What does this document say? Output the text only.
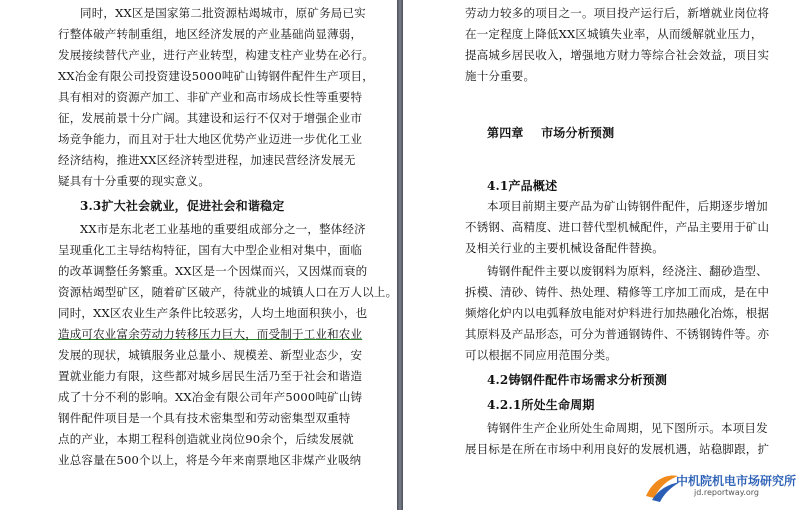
同时，XX区是国家第二批资源枯竭城市，原矿务局已实
行整体破产转制重组，地区经济发展的产业基础尚显薄弱，
发展接续替代产业，进行产业转型，构建支柱产业势在必行。
XX冶金有限公司投资建设5000吨矿山铸钢件配件生产项目，
具有相对的资源产加工、非矿产业和高市场成长性等重要特
征，发展前景十分广阔。其建设和运行不仅对于增强企业市
场竞争能力，而且对于壮大地区优势产业迈进一步优化工业
经济结构，推进XX区经济转型进程，加速民营经济发展无
疑具有十分重要的现实意义。
3.3扩大社会就业，促进社会和谐稳定
XX市是东北老工业基地的重要组成部分之一，整体经济
呈现重化工主导结构特征，国有大中型企业相对集中，面临
的改革调整任务繁重。XX区是一个因煤而兴，又因煤而衰的
资源枯竭型矿区，随着矿区破产，待就业的城镇人口在万人以上。
同时，XX区农业生产条件比较恶劣，人均土地面积狭小，也
造成可农业富余劳动力转移压力巨大，而受制于工业和农业
发展的现状，城镇服务业总量小、规模差、新型业态少，安
置就业能力有限，这些都对城乡居民生活乃至于社会和谐造
成了十分不利的影响。XX冶金有限公司年产5000吨矿山铸
钢件配件项目是一个具有技术密集型和劳动密集型双重特
点的产业，本期工程科创造就业岗位90余个，后续发展就
业总容量在500个以上，将是今年来南票地区非煤产业吸纳
劳动力较多的项目之一。项目投产运行后，新增就业岗位将
在一定程度上降低XX区城镇失业率，从而缓解就业压力，
提高城乡居民收入，增强地方财力等综合社会效益，项目实
施十分重要。
第四章    市场分析预测
4.1产品概述
本项目前期主要产品为矿山铸钢件配件，后期逐步增加
不锈钢、高精度、进口替代型机械配件，产品主要用于矿山
及相关行业的主要机械设备配件替换。
铸钢件配件主要以废钢料为原料，经浇注、翻砂造型、
拆模、清砂、铸件、热处理、精修等工序加工而成，是在中
频熔化炉内以电弧释放电能对炉料进行加热融化冶炼，根据
其原料及产品形态，可分为普通钢铸件、不锈钢铸件等。亦
可以根据不同应用范围分类。
4.2铸钢件配件市场需求分析预测
4.2.1所处生命周期
铸钢件生产企业所处生命周期，见下图所示。本项目发
展目标是在所在市场中利用良好的发展机遇，站稳脚跟，扩
中机院机电市场研究所
jd.reportway.org
